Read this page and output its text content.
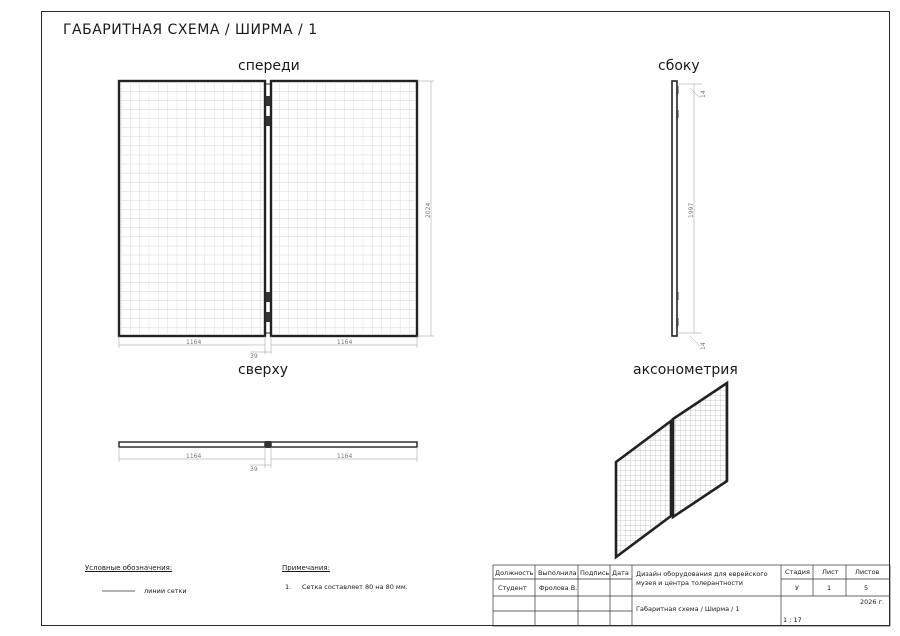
ГАБАРИТНАЯ СХЕМА / ШИРМА / 1
спереди	сбоку
сверху	аксонометрия
1164	1164
39
2024	1997
14
14
1164	1164
39
Условные обозначения:
линии сетки
Примечания:
1. Сетка составляет 80 на 80 мм.
Должность Выполнила Подпись Дата
Студент Фролова В.
Дизайн оборудования для еврейского музея и центра толерантности
Габаритная схема / Ширма / 1
1 : 17
Стадия Лист	Листов
У	1	5
2026 г.
